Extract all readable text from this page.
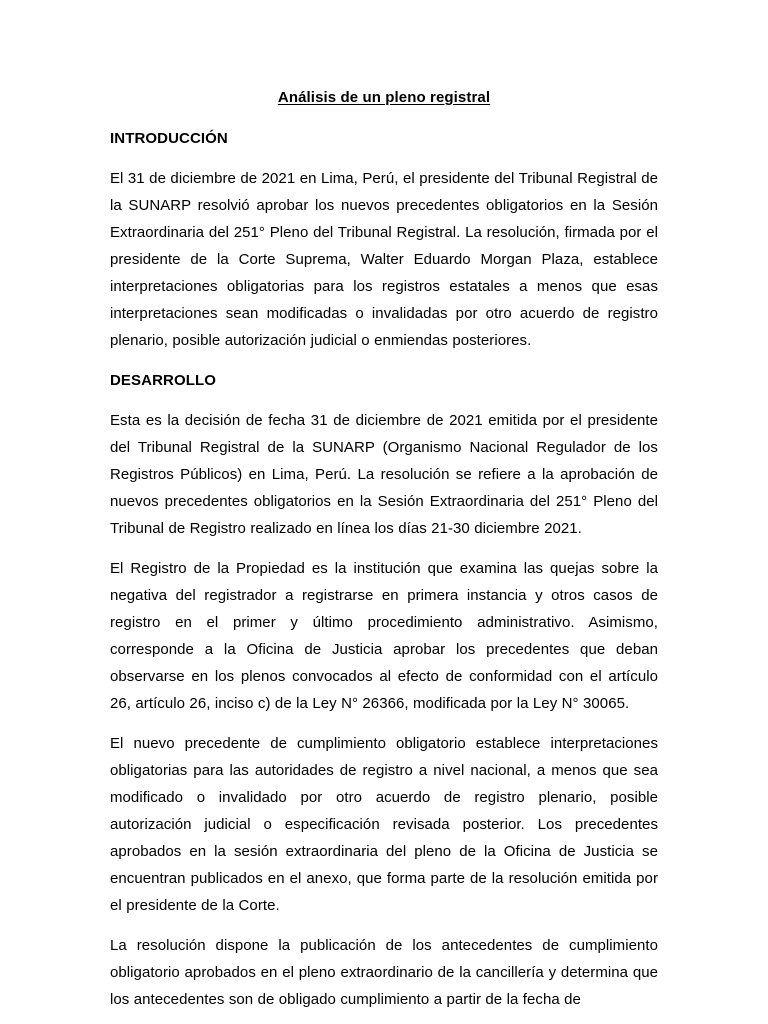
Análisis de un pleno registral
INTRODUCCIÓN

El 31 de diciembre de 2021 en Lima, Perú, el presidente del Tribunal Registral de la SUNARP resolvió aprobar los nuevos precedentes obligatorios en la Sesión Extraordinaria del 251° Pleno del Tribunal Registral. La resolución, firmada por el presidente de la Corte Suprema, Walter Eduardo Morgan Plaza, establece interpretaciones obligatorias para los registros estatales a menos que esas interpretaciones sean modificadas o invalidadas por otro acuerdo de registro plenario, posible autorización judicial o enmiendas posteriores.

DESARROLLO

Esta es la decisión de fecha 31 de diciembre de 2021 emitida por el presidente del Tribunal Registral de la SUNARP (Organismo Nacional Regulador de los Registros Públicos) en Lima, Perú. La resolución se refiere a la aprobación de nuevos precedentes obligatorios en la Sesión Extraordinaria del 251° Pleno del Tribunal de Registro realizado en línea los días 21-30 diciembre 2021.

El Registro de la Propiedad es la institución que examina las quejas sobre la negativa del registrador a registrarse en primera instancia y otros casos de registro en el primer y último procedimiento administrativo. Asimismo, corresponde a la Oficina de Justicia aprobar los precedentes que deban observarse en los plenos convocados al efecto de conformidad con el artículo 26, artículo 26, inciso c) de la Ley N° 26366, modificada por la Ley N° 30065.

El nuevo precedente de cumplimiento obligatorio establece interpretaciones obligatorias para las autoridades de registro a nivel nacional, a menos que sea modificado o invalidado por otro acuerdo de registro plenario, posible autorización judicial o especificación revisada posterior. Los precedentes aprobados en la sesión extraordinaria del pleno de la Oficina de Justicia se encuentran publicados en el anexo, que forma parte de la resolución emitida por el presidente de la Corte.

La resolución dispone la publicación de los antecedentes de cumplimiento obligatorio aprobados en el pleno extraordinario de la cancillería y determina que los antecedentes son de obligado cumplimiento a partir de la fecha de
